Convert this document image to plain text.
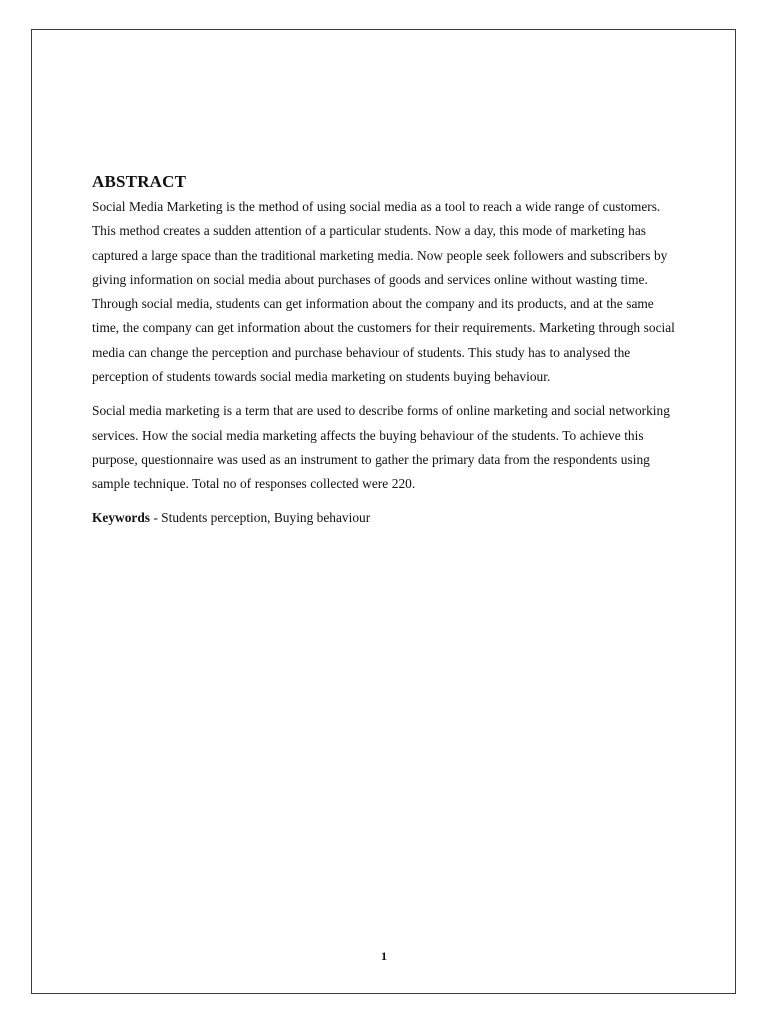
ABSTRACT

Social Media Marketing is the method of using social media as a tool to reach a wide range of customers. This method creates a sudden attention of a particular students. Now a day, this mode of marketing has captured a large space than the traditional marketing media. Now people seek followers and subscribers by giving information on social media about purchases of goods and services online without wasting time. Through social media, students can get information about the company and its products, and at the same time, the company can get information about the customers for their requirements. Marketing through social media can change the perception and purchase behaviour of students. This study has to analysed the perception of students towards social media marketing on students buying behaviour.

Social media marketing is a term that are used to describe forms of online marketing and social networking services. How the social media marketing affects the buying behaviour of the students. To achieve this purpose, questionnaire was used as an instrument to gather the primary data from the respondents using sample technique. Total no of responses collected were 220.

Keywords - Students perception, Buying behaviour
1
